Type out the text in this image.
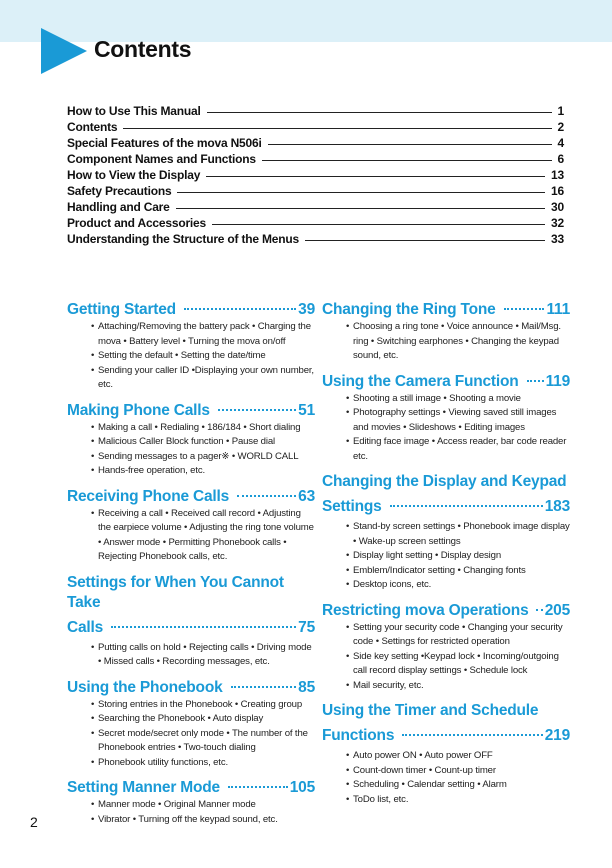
Contents
How to Use This Manual	1
Contents	2
Special Features of the mova N506i	4
Component Names and Functions	6
How to View the Display	13
Safety Precautions	16
Handling and Care	30
Product and Accessories	32
Understanding the Structure of the Menus	33
Getting Started	39
• Attaching/Removing the battery pack • Charging the mova • Battery level • Turning the mova on/off
• Setting the default • Setting the date/time
• Sending your caller ID •Displaying your own number, etc.
Making Phone Calls	51
• Making a call • Redialing • 186/184 • Short dialing
• Malicious Caller Block function • Pause dial
• Sending messages to a pager※ • WORLD CALL
• Hands-free operation, etc.
Receiving Phone Calls	63
• Receiving a call • Received call record • Adjusting the earpiece volume • Adjusting the ring tone volume • Answer mode • Permitting Phonebook calls • Rejecting Phonebook calls, etc.
Settings for When You Cannot Take
Calls	75
• Putting calls on hold • Rejecting calls • Driving mode • Missed calls • Recording messages, etc.
Using the Phonebook	85
• Storing entries in the Phonebook • Creating group
• Searching the Phonebook • Auto display
• Secret mode/secret only mode • The number of the Phonebook entries • Two-touch dialing
• Phonebook utility functions, etc.
Setting Manner Mode	105
• Manner mode • Original Manner mode
• Vibrator • Turning off the keypad sound, etc.
Changing the Ring Tone	111
• Choosing a ring tone • Voice announce • Mail/Msg. ring • Switching earphones • Changing the keypad sound, etc.
Using the Camera Function 119
• Shooting a still image • Shooting a movie
• Photography settings • Viewing saved still images and movies • Slideshows • Editing images
• Editing face image • Access reader, bar code reader etc.
Changing the Display and Keypad
Settings	183
• Stand-by screen settings • Phonebook image display • Wake-up screen settings
• Display light setting • Display design
• Emblem/Indicator setting • Changing fonts
• Desktop icons, etc.
Restricting mova Operations 205
• Setting your security code • Changing your security code • Settings for restricted operation
• Side key setting •Keypad lock • Incoming/outgoing call record display settings • Schedule lock
• Mail security, etc.
Using the Timer and Schedule
Functions	219
• Auto power ON • Auto power OFF
• Count-down timer • Count-up timer
• Scheduling • Calendar setting • Alarm
• ToDo list, etc.
2
